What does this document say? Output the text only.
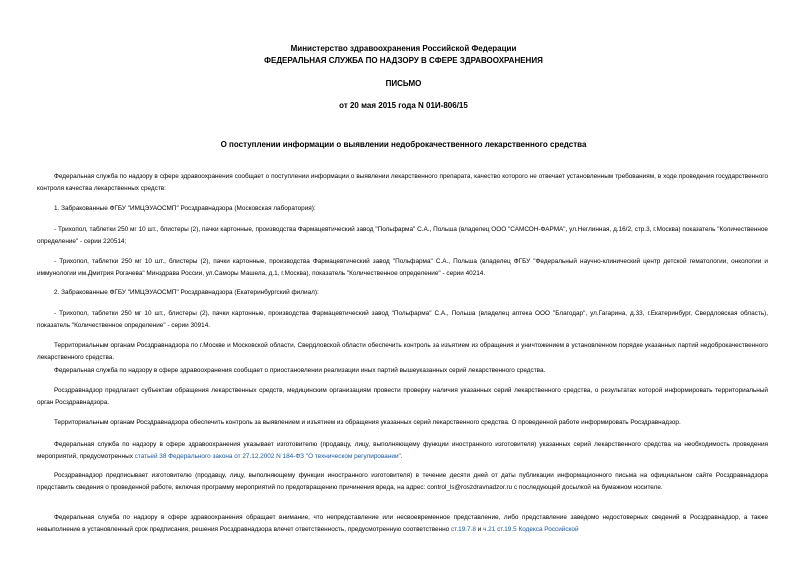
Министерство здравоохранения Российской Федерации
ФЕДЕРАЛЬНАЯ СЛУЖБА ПО НАДЗОРУ В СФЕРЕ ЗДРАВООХРАНЕНИЯ
ПИСЬМО
от 20 мая 2015 года N 01И-806/15
О поступлении информации о выявлении недоброкачественного лекарственного средства
Федеральная служба по надзору в сфере здравоохранения сообщает о поступлении информации о выявлении лекарственного препарата, качество которого не отвечает установленным требованиям, в ходе проведения государственного контроля качества лекарственных средств:
1. Забракованные ФГБУ "ИМЦЭУАОСМП" Росздравнадзора (Московская лаборатория):
- Трихопол, таблетки 250 мг 10 шт., блистеры (2), пачки картонные, производства Фармацевтический завод "Польфарма" С.А., Польша (владелец ООО "САМСОН-ФАРМА", ул.Неглинная, д.16/2, стр.3, г.Москва) показатель "Количественное определение" - серии 220514;
- Трихопол, таблетки 250 мг 10 шт., блистеры (2), пачки картонные, производства Фармацевтический завод "Польфарма" С.А., Польша (владелец ФГБУ "Федеральный научно-клинический центр детской гематологии, онкологии и иммунологии им.Дмитрия Рогачева" Минздрава России, ул.Саморы Машела, д.1, г.Москва), показатель "Количественное определение" - серии 40214.
2. Забракованные ФГБУ "ИМЦЭУАОСМП" Росздравнадзора (Екатеринбургский филиал):
- Трихопол, таблетки 250 мг 10 шт., блистеры (2), пачки картонные, производства Фармацевтический завод "Польфарма" С.А., Польша (владелец аптека ООО "Благодар", ул.Гагарина, д.33, г.Екатеринбург, Свердловская область), показатель "Количественное определение" - серии 30914.
Территориальным органам Росздравнадзора по г.Москве и Московской области, Свердловской области обеспечить контроль за изъятием из обращения и уничтожением в установленном порядке указанных партий недоброкачественного лекарственного средства.
Федеральная служба по надзору в сфере здравоохранения сообщает о приостановлении реализации иных партий вышеуказанных серий лекарственного средства.
Росздравнадзор предлагает субъектам обращения лекарственных средств, медицинским организациям провести проверку наличия указанных серий лекарственного средства, о результатах которой информировать территориальный орган Росздравнадзора.
Территориальным органам Росздравнадзора обеспечить контроль за выявлением и изъятием из обращения указанных серий лекарственного средства. О проведенной работе информировать Росздравнадзор.
Федеральная служба по надзору в сфере здравоохранения указывает изготовителю (продавцу, лицу, выполняющему функции иностранного изготовителя) указанных серий лекарственного средства на необходимость проведения мероприятий, предусмотренных статьей 38 Федерального закона от 27.12.2002 N 184-ФЗ "О техническом регулировании".
Росздравнадзор предписывает изготовителю (продавцу, лицу, выполняющему функции иностранного изготовителя) в течение десяти дней от даты публикации информационного письма на официальном сайте Росздравнадзора представить сведения о проведенной работе, включая программу мероприятий по предотвращению причинения вреда, на адрес: control_ls@roszdravnadzor.ru с последующей досылкой на бумажном носителе.
Федеральная служба по надзору в сфере здравоохранения обращает внимание, что непредставление или несвоевременное представление, либо представление заведомо недостоверных сведений в Росздравнадзор, а также невыполнение в установленный срок предписания, решения Росздравнадзора влечет ответственность, предусмотренную соответственно ст.19.7.8 и ч.21 ст.19.5 Кодекса Российской
